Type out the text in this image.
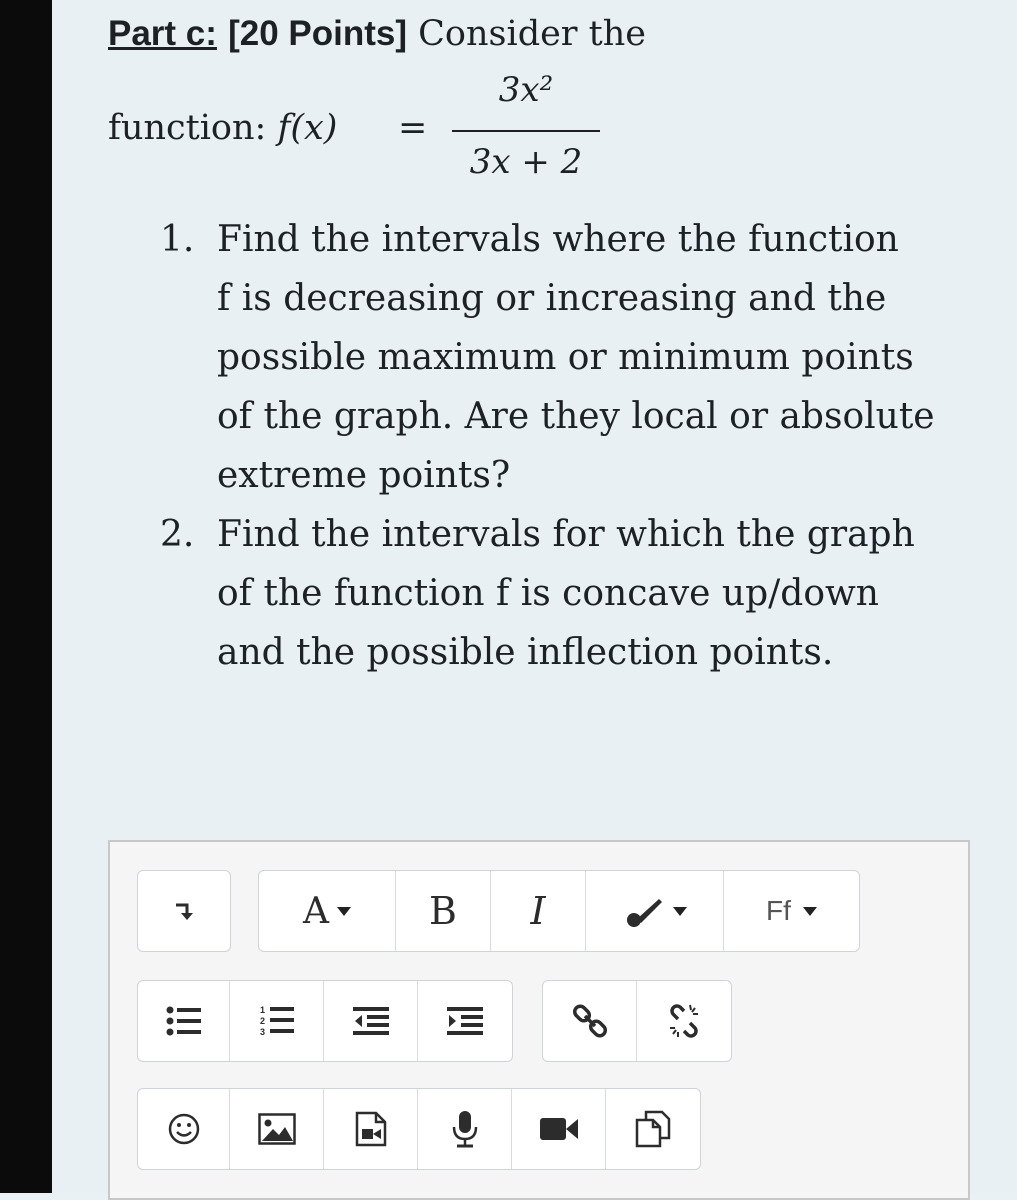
Part c: [20 Points] Consider the
function: f(x) =
3x²
3x + 2
1. Find the intervals where the function
f is decreasing or increasing and the
possible maximum or minimum points
of the graph. Are they local or absolute
extreme points?
2. Find the intervals for which the graph
of the function f is concave up/down
and the possible inflection points.
A	B I	Ff
1
2
3
